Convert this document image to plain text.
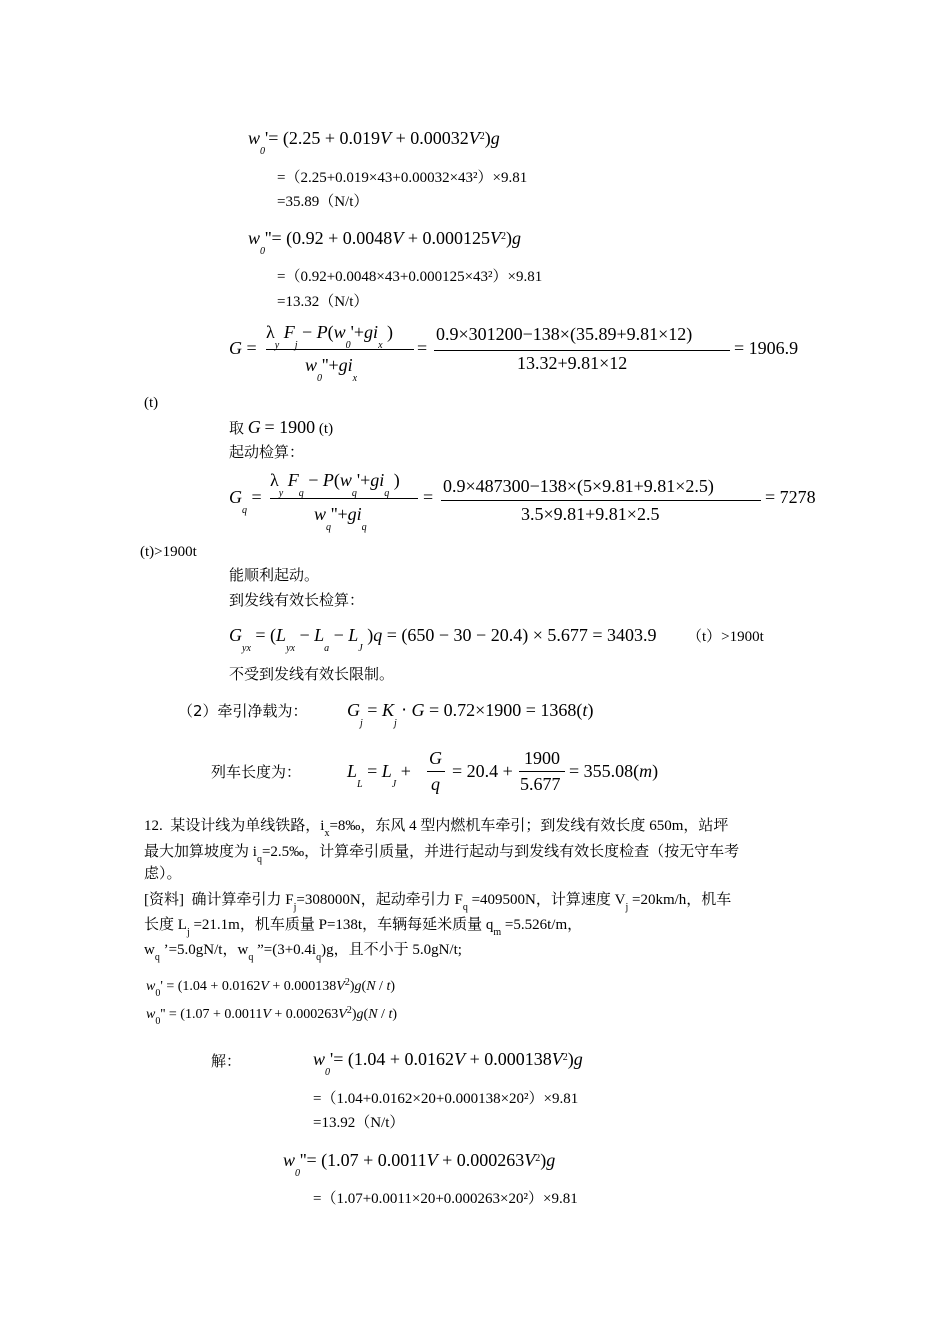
$w_0'= (2.25 + 0.019V + 0.00032V^2)g$
=（2.25+0.019×43+0.00032×43²）×9.81
=35.89（N/t）
$w_0''= (0.92 + 0.0048V + 0.000125V^2)g$
=（0.92+0.0048×43+0.000125×43²）×9.81
=13.32（N/t）
G =
$\lambda_y$ $F_j - P(w_0'+gi_x$ )
$w_0''+gi_x$
=
0.9×301200−138×(35.89+9.81×12)
13.32+9.81×12
= 1906.9
(t)
取 G = 1900 (t)
起动检算：
$G_q$ =
$\lambda_y$ $F_q - P(w_q'+gi_q$ )
$w_q''+gi_q$
=
0.9×487300−138×(5×9.81+9.81×2.5)
3.5×9.81+9.81×2.5
= 7278
(t)>1900t
能顺利起动。
到发线有效长检算：
$G_{yx} = (L_{yx} - L_a - L_J$ )q = (650 − 30 − 20.4) × 5.677 = 3403.9 （t）>1900t
不受到发线有效长限制。
（2）牵引净载为： $G_j = K_j \cdot G = 0.72\times 1900 = 1368(t)$
列车长度为：	$L_L = L_J$ +
G
q
= 20.4 +
1900
5.677
= 355.08(m)
12.  某设计线为单线铁路，$i_x=8‰$，东风 4 型内燃机车牵引；到发线有效长度 650m，站坪
最大加算坡度为 $i_q=2.5‰$，计算牵引质量，并进行起动与到发线有效长度检查（按无守车考
虑）。
[资料]  确计算牵引力 $F_j=308000N$，起动牵引力 $F_q =409500N$，计算速度 $V_j =20km/h$，机车
长度 $L_j =21.1m$，机车质量 P=138t，车辆每延米质量 $q_m =5.526t/m$，
$w_q$ ’=5.0gN/t，$w_q$ $”=(3+0.4i_q)g$，且不小于 5.0gN/t;
$w_0' = (1.04 + 0.0162V + 0.000138V^2)g(N / t)$
$w_0'' = (1.07 + 0.0011V + 0.000263V^2)g(N / t)$
解：	$w_0'= (1.04 + 0.0162V + 0.000138V^2)g$
=（1.04+0.0162×20+0.000138×20²）×9.81
=13.92（N/t）
$w_0''= (1.07 + 0.0011V + 0.000263V^2)g$
=（1.07+0.0011×20+0.000263×20²）×9.81
